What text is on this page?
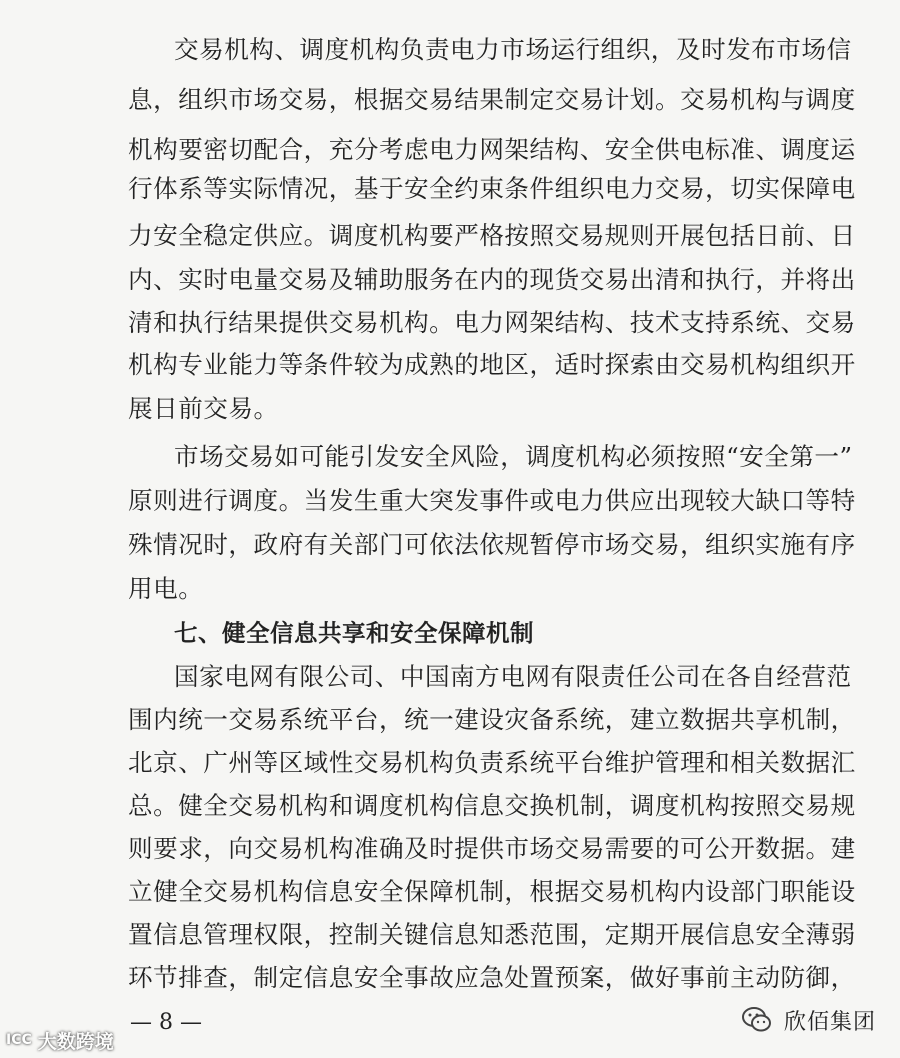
交易机构、调度机构负责电力市场运行组织，及时发布市场信
息，组织市场交易，根据交易结果制定交易计划。交易机构与调度
机构要密切配合，充分考虑电力网架结构、安全供电标准、调度运
行体系等实际情况，基于安全约束条件组织电力交易，切实保障电
力安全稳定供应。调度机构要严格按照交易规则开展包括日前、日
内、实时电量交易及辅助服务在内的现货交易出清和执行，并将出
清和执行结果提供交易机构。电力网架结构、技术支持系统、交易
机构专业能力等条件较为成熟的地区，适时探索由交易机构组织开
展日前交易。
市场交易如可能引发安全风险，调度机构必须按照“安全第一”
原则进行调度。当发生重大突发事件或电力供应出现较大缺口等特
殊情况时，政府有关部门可依法依规暂停市场交易，组织实施有序
用电。
七、健全信息共享和安全保障机制
国家电网有限公司、中国南方电网有限责任公司在各自经营范
围内统一交易系统平台，统一建设灾备系统，建立数据共享机制，
北京、广州等区域性交易机构负责系统平台维护管理和相关数据汇
总。健全交易机构和调度机构信息交换机制，调度机构按照交易规
则要求，向交易机构准确及时提供市场交易需要的可公开数据。建
立健全交易机构信息安全保障机制，根据交易机构内设部门职能设
置信息管理权限，控制关键信息知悉范围，定期开展信息安全薄弱
环节排查，制定信息安全事故应急处置预案，做好事前主动防御，
— 8 —
ICC 大数跨境
欣佰集团
